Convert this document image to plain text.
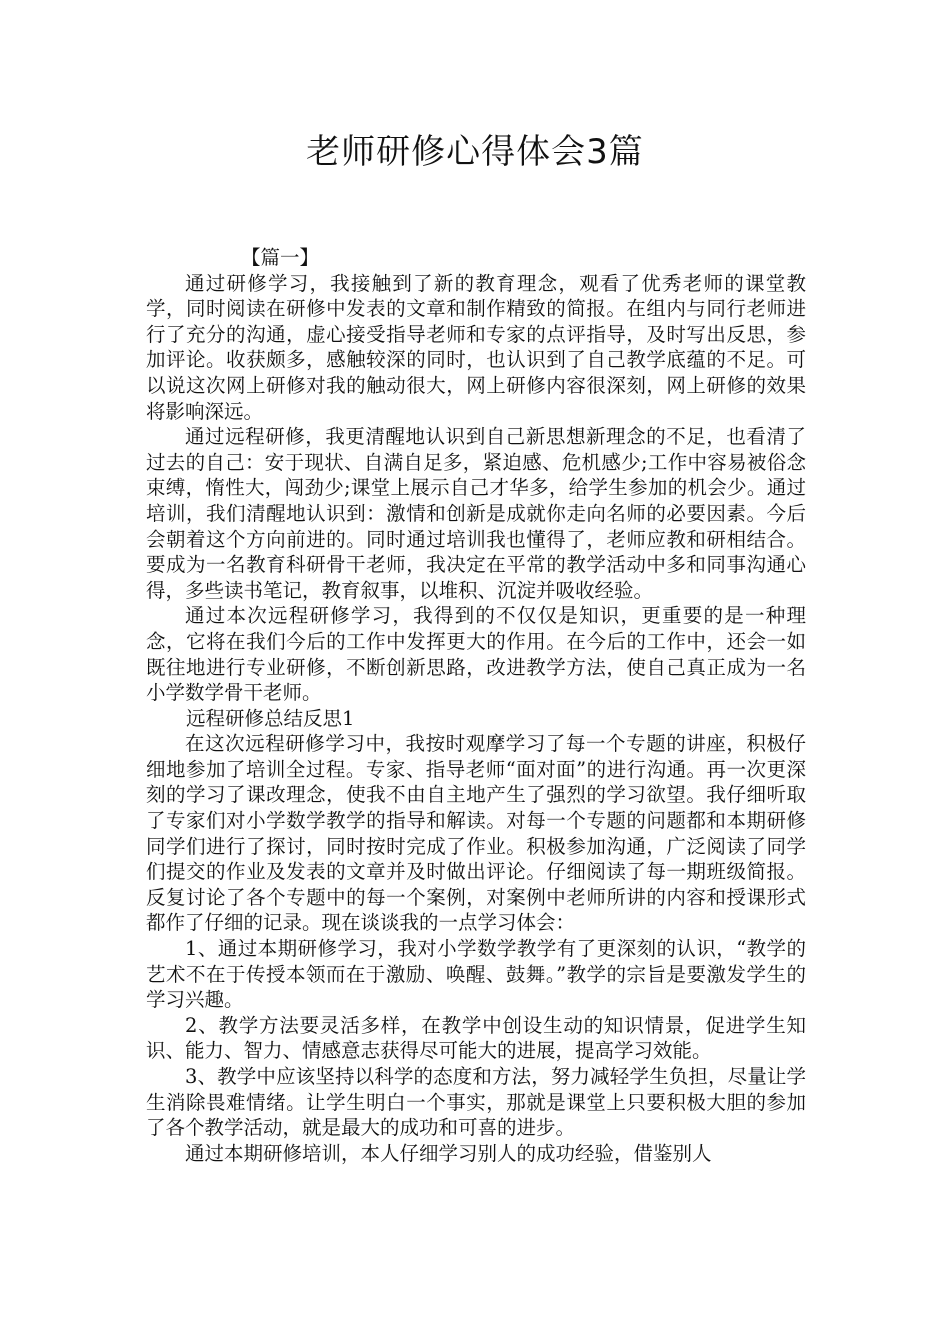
老师研修心得体会3篇

【篇一】

通过研修学习，我接触到了新的教育理念，观看了优秀老师的课堂教学，同时阅读在研修中发表的文章和制作精致的简报。在组内与同行老师进行了充分的沟通，虚心接受指导老师和专家的点评指导，及时写出反思，参加评论。收获颇多，感触较深的同时，也认识到了自己教学底蕴的不足。可以说这次网上研修对我的触动很大，网上研修内容很深刻，网上研修的效果将影响深远。

通过远程研修，我更清醒地认识到自己新思想新理念的不足，也看清了过去的自己：安于现状、自满自足多，紧迫感、危机感少;工作中容易被俗念束缚，惰性大，闯劲少;课堂上展示自己才华多，给学生参加的机会少。通过培训，我们清醒地认识到：激情和创新是成就你走向名师的必要因素。今后会朝着这个方向前进的。同时通过培训我也懂得了，老师应教和研相结合。要成为一名教育科研骨干老师，我决定在平常的教学活动中多和同事沟通心得，多些读书笔记，教育叙事，以堆积、沉淀并吸收经验。

通过本次远程研修学习，我得到的不仅仅是知识，更重要的是一种理念，它将在我们今后的工作中发挥更大的作用。在今后的工作中，还会一如既往地进行专业研修，不断创新思路，改进教学方法，使自己真正成为一名小学数学骨干老师。

远程研修总结反思1

在这次远程研修学习中，我按时观摩学习了每一个专题的讲座，积极仔细地参加了培训全过程。专家、指导老师“面对面”的进行沟通。再一次更深刻的学习了课改理念，使我不由自主地产生了强烈的学习欲望。我仔细听取了专家们对小学数学教学的指导和解读。对每一个专题的问题都和本期研修同学们进行了探讨，同时按时完成了作业。积极参加沟通，广泛阅读了同学们提交的作业及发表的文章并及时做出评论。仔细阅读了每一期班级简报。反复讨论了各个专题中的每一个案例，对案例中老师所讲的内容和授课形式都作了仔细的记录。现在谈谈我的一点学习体会：

1、通过本期研修学习，我对小学数学教学有了更深刻的认识，“教学的艺术不在于传授本领而在于激励、唤醒、鼓舞。”教学的宗旨是要激发学生的学习兴趣。

2、教学方法要灵活多样，在教学中创设生动的知识情景，促进学生知识、能力、智力、情感意志获得尽可能大的进展，提高学习效能。

3、教学中应该坚持以科学的态度和方法，努力减轻学生负担，尽量让学生消除畏难情绪。让学生明白一个事实，那就是课堂上只要积极大胆的参加了各个教学活动，就是最大的成功和可喜的进步。

通过本期研修培训，本人仔细学习别人的成功经验，借鉴别人
